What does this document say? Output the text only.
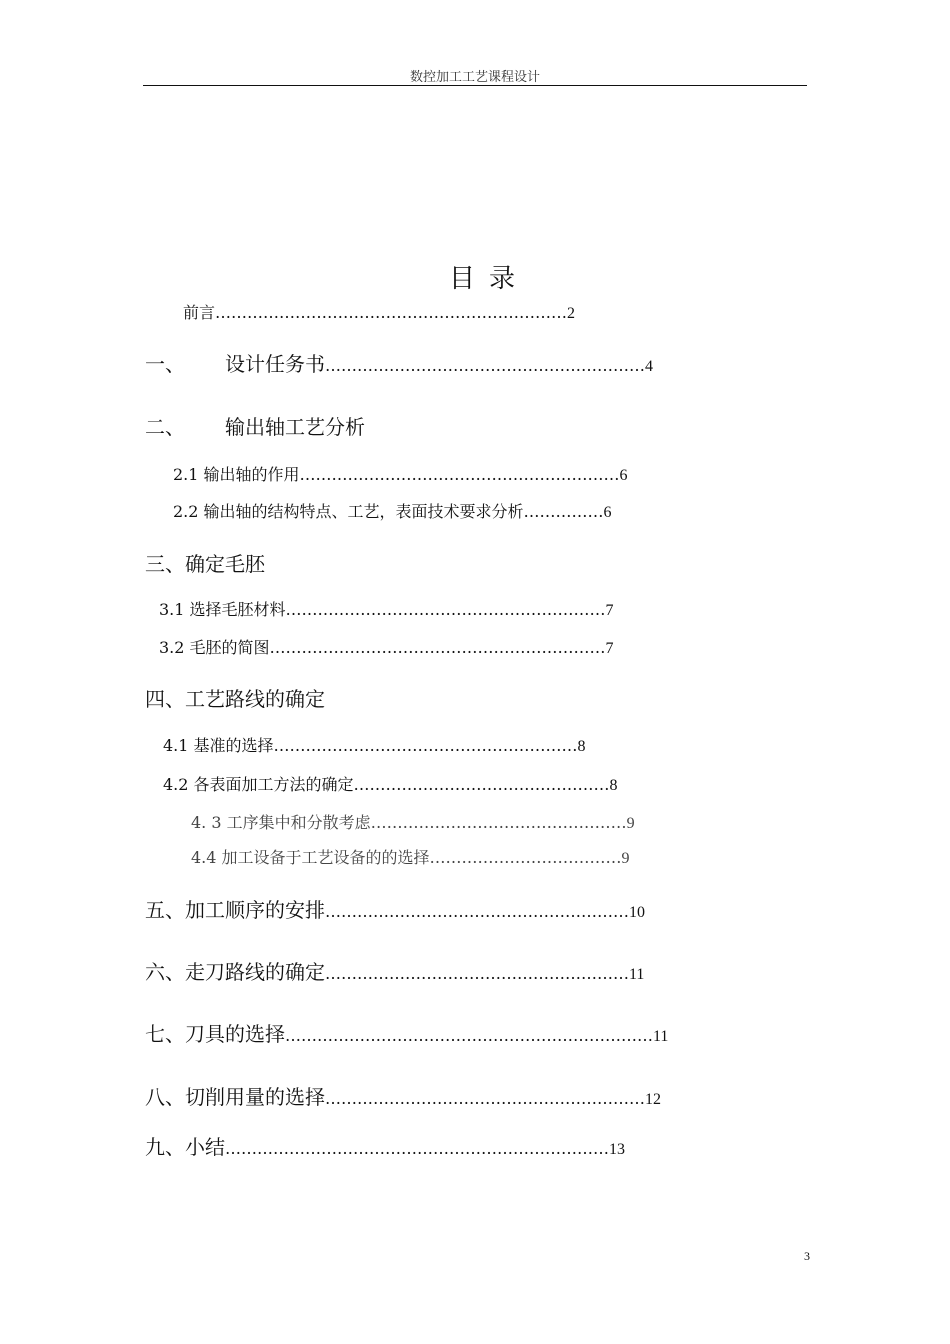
数控加工工艺课程设计
目录
前言…………………………………………………………2
一、 设计任务书……………………………………………………4
二、 输出轴工艺分析
2.1 输出轴的作用……………………………………………………6
2.2 输出轴的结构特点、工艺，表面技术要求分析……………6
三、确定毛胚
3.1 选择毛胚材料……………………………………………………7
3.2 毛胚的简图………………………………………………………7
四、工艺路线的确定
4.1 基准的选择…………………………………………………8
4.2 各表面加工方法的确定…………………………………………8
4. 3 工序集中和分散考虑…………………………………………9
4.4 加工设备于工艺设备的的选择………………………………9
五、加工顺序的安排…………………………………………………10
六、走刀路线的确定…………………………………………………11
七、刀具的选择……………………………………………………………11
八、切削用量的选择……………………………………………………12
九、小结………………………………………………………………13
3
